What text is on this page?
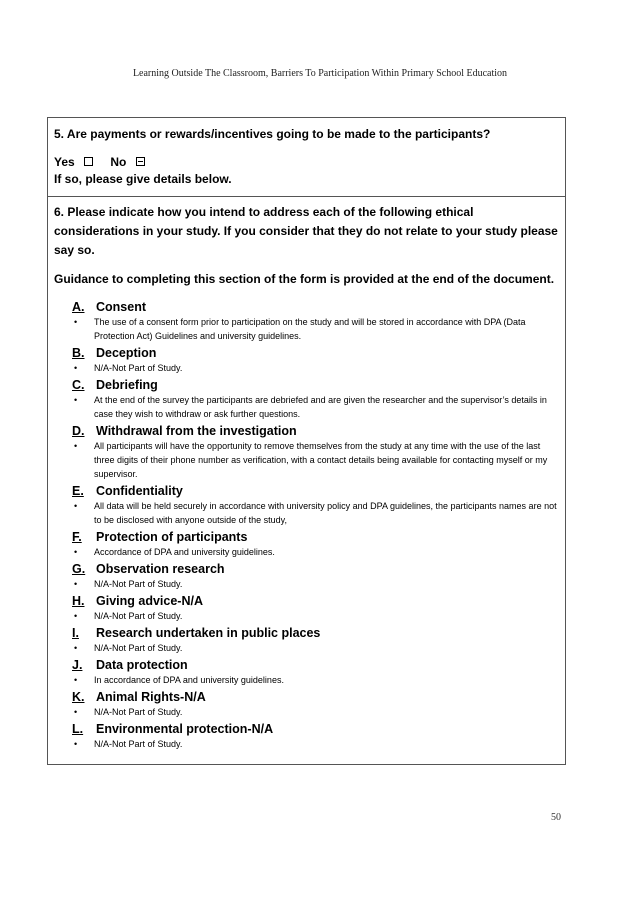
Learning Outside The Classroom, Barriers To Participation Within Primary School Education

5. Are payments or rewards/incentives going to be made to the participants?

Yes	No
If so, please give details below.

6. Please indicate how you intend to address each of the following ethical considerations in your study. If you consider that they do not relate to your study please say so.

Guidance to completing this section of the form is provided at the end of the document.

A. Consent
• The use of a consent form prior to participation on the study and will be stored in accordance with DPA (Data Protection Act) Guidelines and university guidelines.
B. Deception
• N/A-Not Part of Study.
C. Debriefing
• At the end of the survey the participants are debriefed and are given the researcher and the supervisor’s details in case they wish to withdraw or ask further questions.
D. Withdrawal from the investigation
• All participants will have the opportunity to remove themselves from the study at any time with the use of the last three digits of their phone number as verification, with a contact details being available for contacting myself or my supervisor.
E. Confidentiality
• All data will be held securely in accordance with university policy and DPA guidelines, the participants names are not to be disclosed with anyone outside of the study,
F. Protection of participants
• Accordance of DPA and university guidelines.
G. Observation research
• N/A-Not Part of Study.
H. Giving advice-N/A
• N/A-Not Part of Study.
I. Research undertaken in public places
• N/A-Not Part of Study.
J. Data protection
• In accordance of DPA and university guidelines.
K. Animal Rights-N/A
• N/A-Not Part of Study.
L. Environmental protection-N/A
• N/A-Not Part of Study.
50
